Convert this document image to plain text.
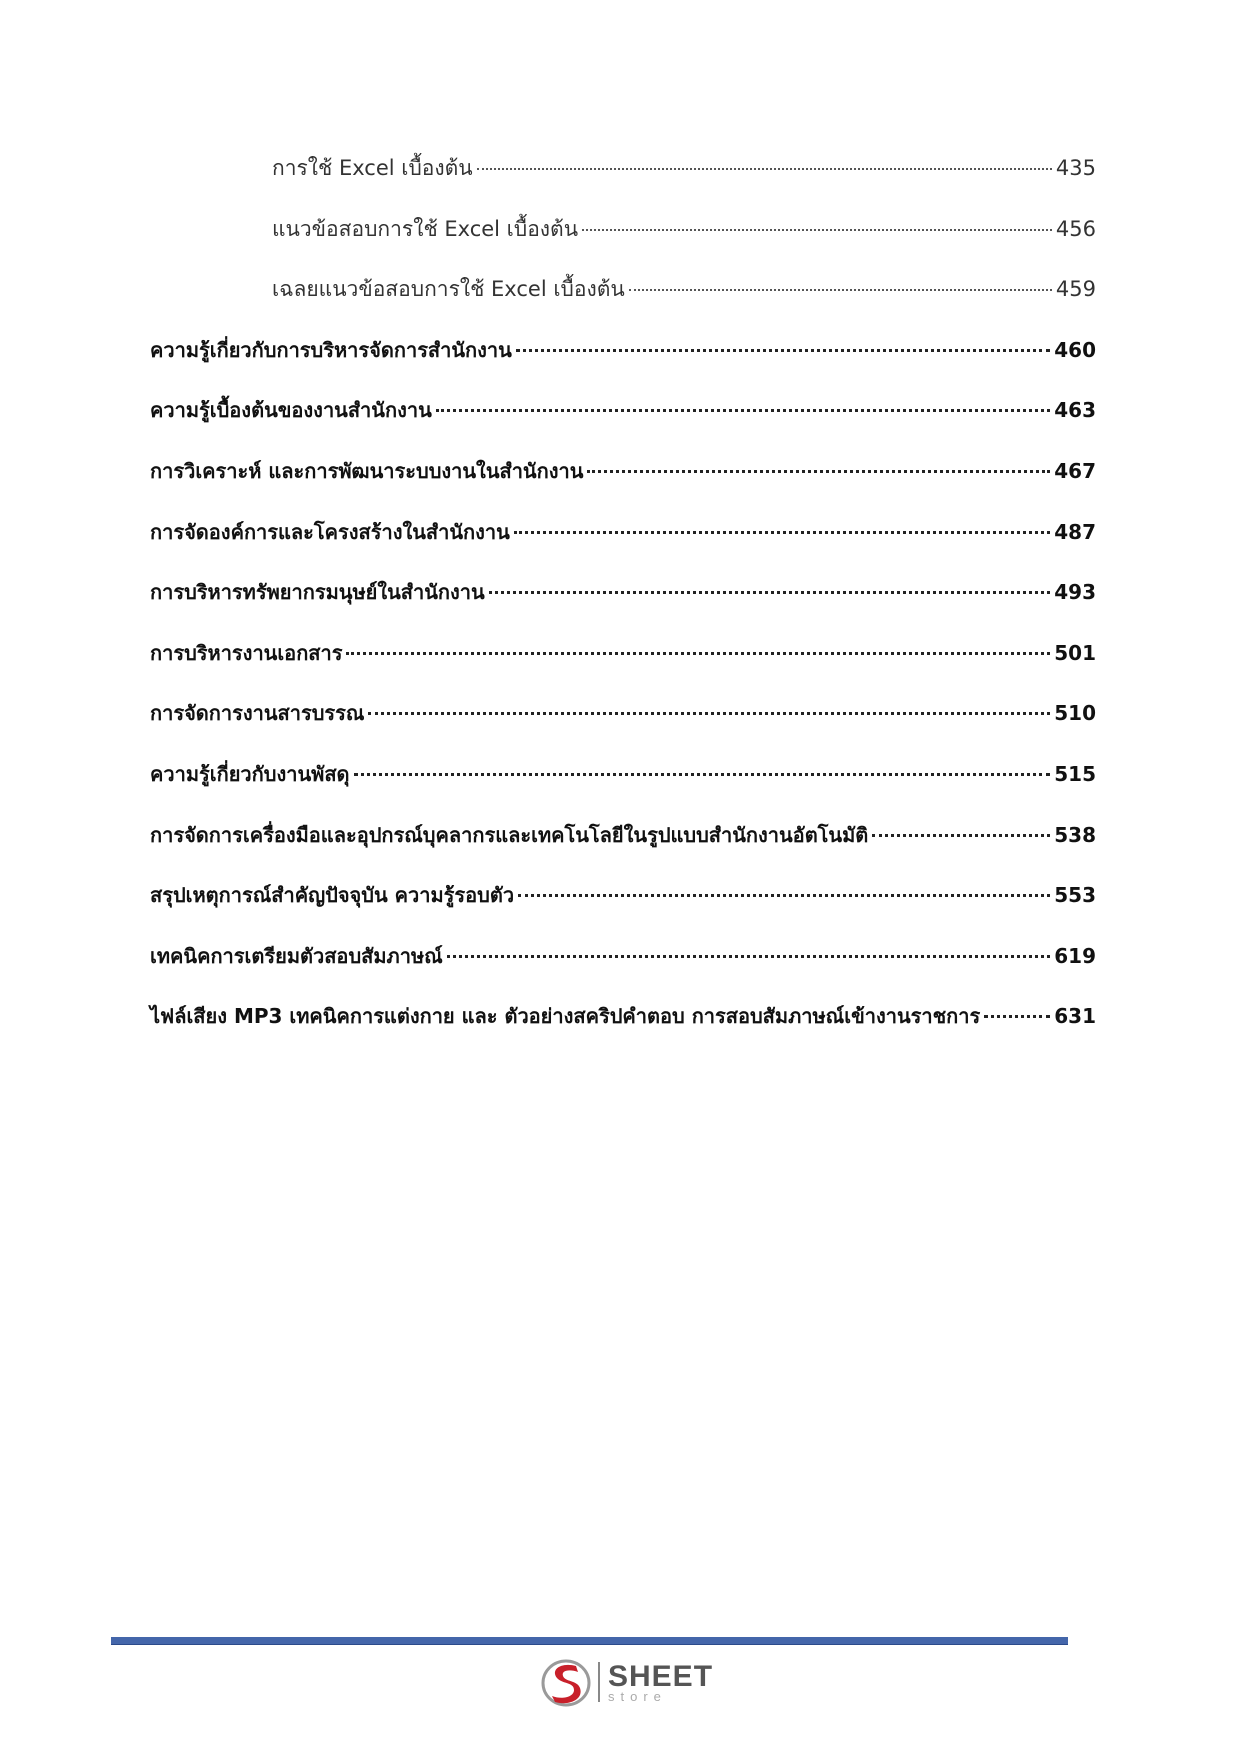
การใช้ Excel เบื้องต้น	435
แนวข้อสอบการใช้ Excel เบื้องต้น	456
เฉลยแนวข้อสอบการใช้ Excel เบื้องต้น	459
ความรู้เกี่ยวกับการบริหารจัดการสำนักงาน	460
ความรู้เบื้องต้นของงานสำนักงาน	463
การวิเคราะห์ และการพัฒนาระบบงานในสำนักงาน	467
การจัดองค์การและโครงสร้างในสำนักงาน	487
การบริหารทรัพยากรมนุษย์ในสำนักงาน	493
การบริหารงานเอกสาร	501
การจัดการงานสารบรรณ	510
ความรู้เกี่ยวกับงานพัสดุ	515
การจัดการเครื่องมือและอุปกรณ์บุคลากรและเทคโนโลยีในรูปแบบสำนักงานอัตโนมัติ	538
สรุปเหตุการณ์สำคัญปัจจุบัน ความรู้รอบตัว	553
เทคนิคการเตรียมตัวสอบสัมภาษณ์	619
ไฟล์เสียง MP3 เทคนิคการแต่งกาย และ ตัวอย่างสคริปคำตอบ การสอบสัมภาษณ์เข้างานราชการ	631
SHEET
store
